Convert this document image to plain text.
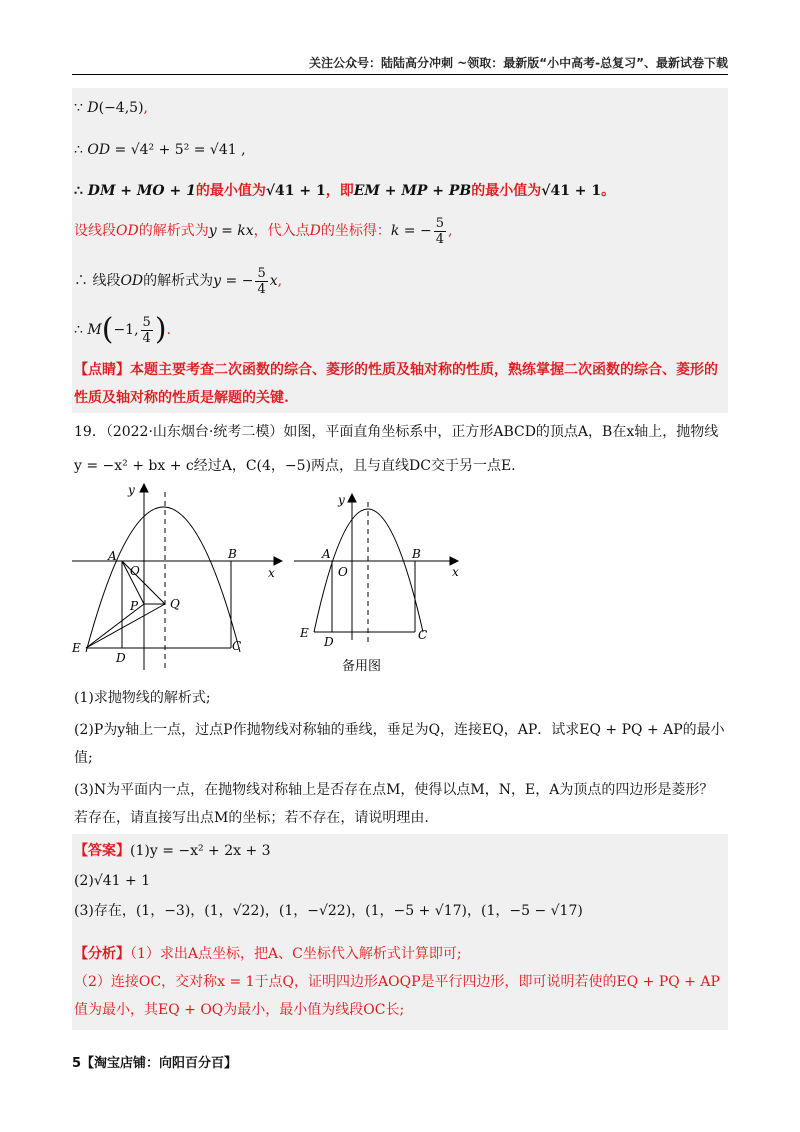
关注公众号：陆陆高分冲刺 ~领取：最新版“小中高考-总复习”、最新试卷下载
∵ D(−4,5),
∴ OD = √4² + 5² = √41 ,
∴ DM + MO + 1的最小值为√41 + 1，即EM + MP + PB的最小值为√41 + 1。
设线段OD的解析式为y = kx，代入点D的坐标得：k = − $\frac{5}{4}$ ,
∴ 线段OD的解析式为y = − $\frac{5}{4} x$,
∴ M(−1, $\frac{5}{4}$ ).
【点睛】本题主要考查二次函数的综合、菱形的性质及轴对称的性质，熟练掌握二次函数的综合、菱形的性质及轴对称的性质是解题的关键.
19．（2022·山东烟台·统考二模）如图，平面直角坐标系中，正方形ABCD的顶点A，B在x轴上，抛物线
y = −x² + bx + c经过A，C(4，−5)两点，且与直线DC交于另一点E.
y
x
A	B
O
P	Q
E
D
C
y
x
A	B
O
E
D	C
备用图
(1)求抛物线的解析式;
(2)P为y轴上一点，过点P作抛物线对称轴的垂线，垂足为Q，连接EQ，AP．试求EQ + PQ + AP的最小值;
(3)N为平面内一点，在抛物线对称轴上是否存在点M，使得以点M，N，E，A为顶点的四边形是菱形？若存在，请直接写出点M的坐标；若不存在，请说明理由.
【答案】(1)y = −x² + 2x + 3
(2)√41 + 1
(3)存在，(1，−3)，(1，√22)，(1，−√22)，(1，−5 + √17)，(1，−5 − √17)
【分析】（1）求出A点坐标，把A、C坐标代入解析式计算即可;
（2）连接OC，交对称x = 1于点Q，证明四边形AOQP是平行四边形，即可说明若使的EQ + PQ + AP值为最小，其EQ + OQ为最小，最小值为线段OC长;
5【淘宝店铺：向阳百分百】
